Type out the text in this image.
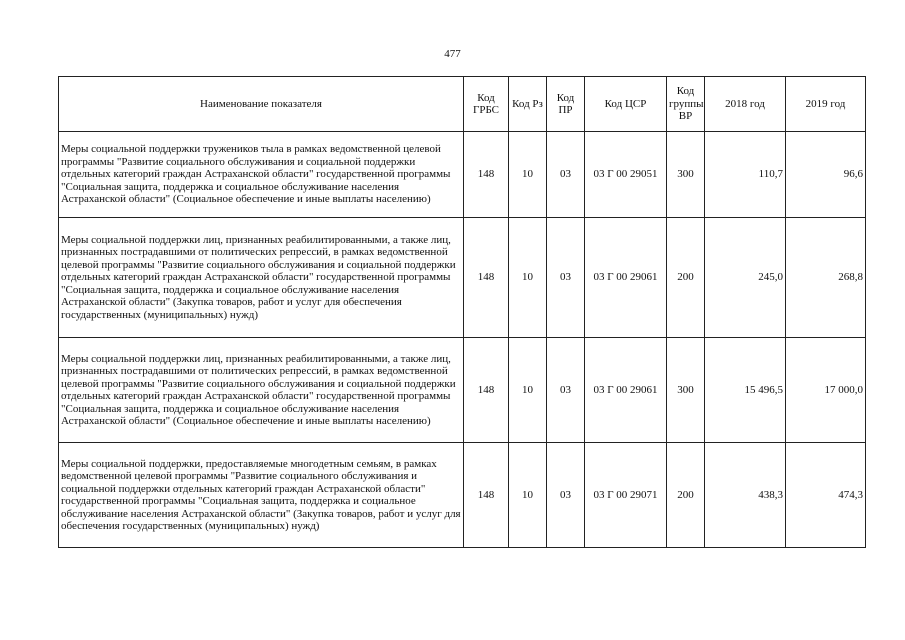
477
Наименование показателя	Код ГРБС	Код Рз	Код ПР	Код ЦСР	Код группы ВР	2018 год	2019 год
Меры социальной поддержки тружеников тыла в рамках ведомственной целевой программы "Развитие социального обслуживания и социальной поддержки отдельных категорий граждан Астраханской области" государственной программы "Социальная защита, поддержка и социальное обслуживание населения Астраханской области" (Социальное обеспечение и иные выплаты населению)	148	10	03	03 Г 00 29051	300	110,7	96,6
Меры социальной поддержки лиц, признанных реабилитированными, а также лиц, признанных пострадавшими от политических репрессий, в рамках ведомственной целевой программы "Развитие социального обслуживания и социальной поддержки отдельных категорий граждан Астраханской области" государственной программы "Социальная защита, поддержка и социальное обслуживание населения Астраханской области" (Закупка товаров, работ и услуг для обеспечения государственных (муниципальных) нужд)	148	10	03	03 Г 00 29061	200	245,0	268,8
Меры социальной поддержки лиц, признанных реабилитированными, а также лиц, признанных пострадавшими от политических репрессий, в рамках ведомственной целевой программы "Развитие социального обслуживания и социальной поддержки отдельных категорий граждан Астраханской области" государственной программы "Социальная защита, поддержка и социальное обслуживание населения Астраханской области" (Социальное обеспечение и иные выплаты населению)	148	10	03	03 Г 00 29061	300	15 496,5	17 000,0
Меры социальной поддержки, предоставляемые многодетным семьям, в рамках ведомственной целевой программы "Развитие социального обслуживания и социальной поддержки отдельных категорий граждан Астраханской области" государственной программы "Социальная защита, поддержка и социальное обслуживание населения Астраханской области" (Закупка товаров, работ и услуг для обеспечения государственных (муниципальных) нужд)	148	10	03	03 Г 00 29071	200	438,3	474,3
